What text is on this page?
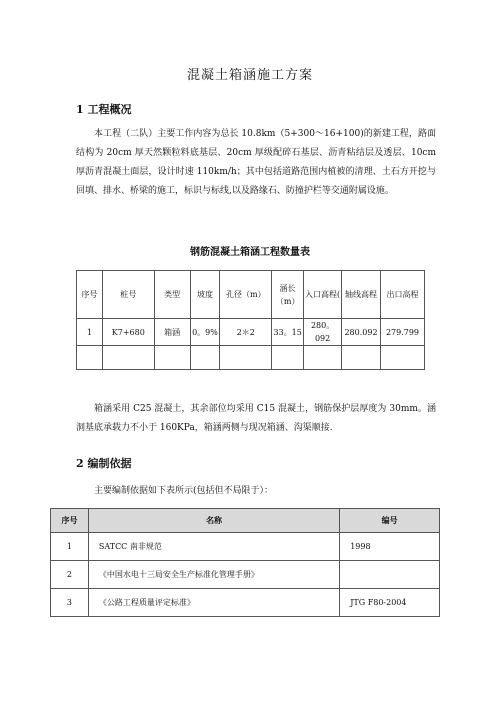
混凝土箱涵施工方案
1 工程概况
本工程（二队）主要工作内容为总长 10.8km（5+300～16+100)的新建工程，路面结构为 20cm 厚天然颗粒料底基层、20cm 厚级配碎石基层、沥青粘结层及透层、10cm 厚沥青混凝土面层，设计时速 110km/h；其中包括道路范围内植被的清理、土石方开挖与回填、排水、桥梁的施工，标识与标线,以及路缘石、防撞护栏等交通附属设施。
钢筋混凝土箱涵工程数量表
序号	桩号	类型	坡度	孔径（m）	涵长（m）	入口高程(	轴线高程	出口高程
1	K7+680	箱涵	0。9%	2＊2	33。15	280。092	280.092	279.799

箱涵采用 C25 混凝土，其余部位均采用 C15 混凝土，钢筋保护层厚度为 30mm。涵洞基底承载力不小于 160KPa，箱涵两侧与现况箱涵、沟渠顺接.
2 编制依据
主要编制依据如下表所示(包括但不局限于）：
序号	名称	编号
1	SATCC 南非规范	1998
2	《中国水电十三局安全生产标准化管理手册》	
3	《公路工程质量评定标准》	JTG F80-2004
